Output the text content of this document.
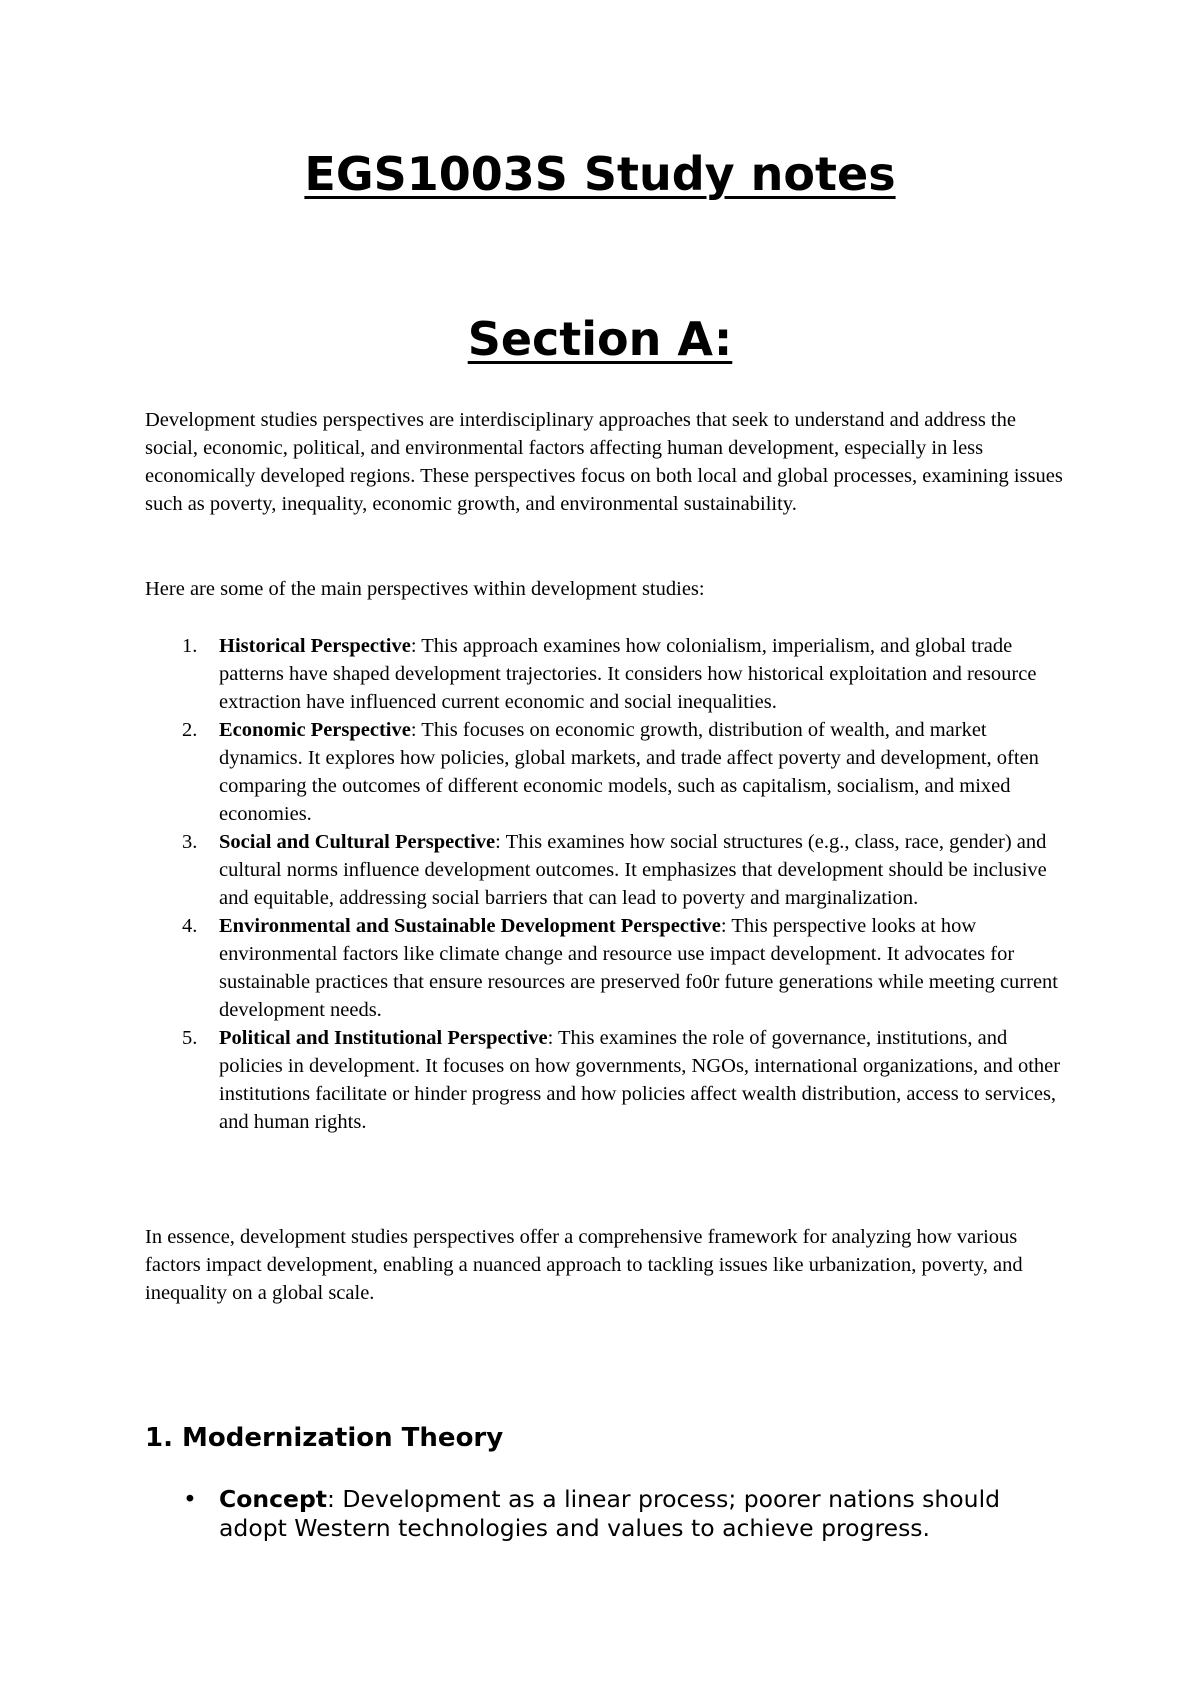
EGS1003S Study notes
Section A:

Development studies perspectives are interdisciplinary approaches that seek to understand and address the social, economic, political, and environmental factors affecting human development, especially in less economically developed regions. These perspectives focus on both local and global processes, examining issues such as poverty, inequality, economic growth, and environmental sustainability.

Here are some of the main perspectives within development studies:

1. Historical Perspective: This approach examines how colonialism, imperialism, and global trade patterns have shaped development trajectories. It considers how historical exploitation and resource extraction have influenced current economic and social inequalities.
2. Economic Perspective: This focuses on economic growth, distribution of wealth, and market dynamics. It explores how policies, global markets, and trade affect poverty and development, often comparing the outcomes of different economic models, such as capitalism, socialism, and mixed economies.
3. Social and Cultural Perspective: This examines how social structures (e.g., class, race, gender) and cultural norms influence development outcomes. It emphasizes that development should be inclusive and equitable, addressing social barriers that can lead to poverty and marginalization.
4. Environmental and Sustainable Development Perspective: This perspective looks at how environmental factors like climate change and resource use impact development. It advocates for sustainable practices that ensure resources are preserved fo0r future generations while meeting current development needs.
5. Political and Institutional Perspective: This examines the role of governance, institutions, and policies in development. It focuses on how governments, NGOs, international organizations, and other institutions facilitate or hinder progress and how policies affect wealth distribution, access to services, and human rights.

In essence, development studies perspectives offer a comprehensive framework for analyzing how various factors impact development, enabling a nuanced approach to tackling issues like urbanization, poverty, and inequality on a global scale.

1. Modernization Theory
• Concept: Development as a linear process; poorer nations should adopt Western technologies and values to achieve progress.
